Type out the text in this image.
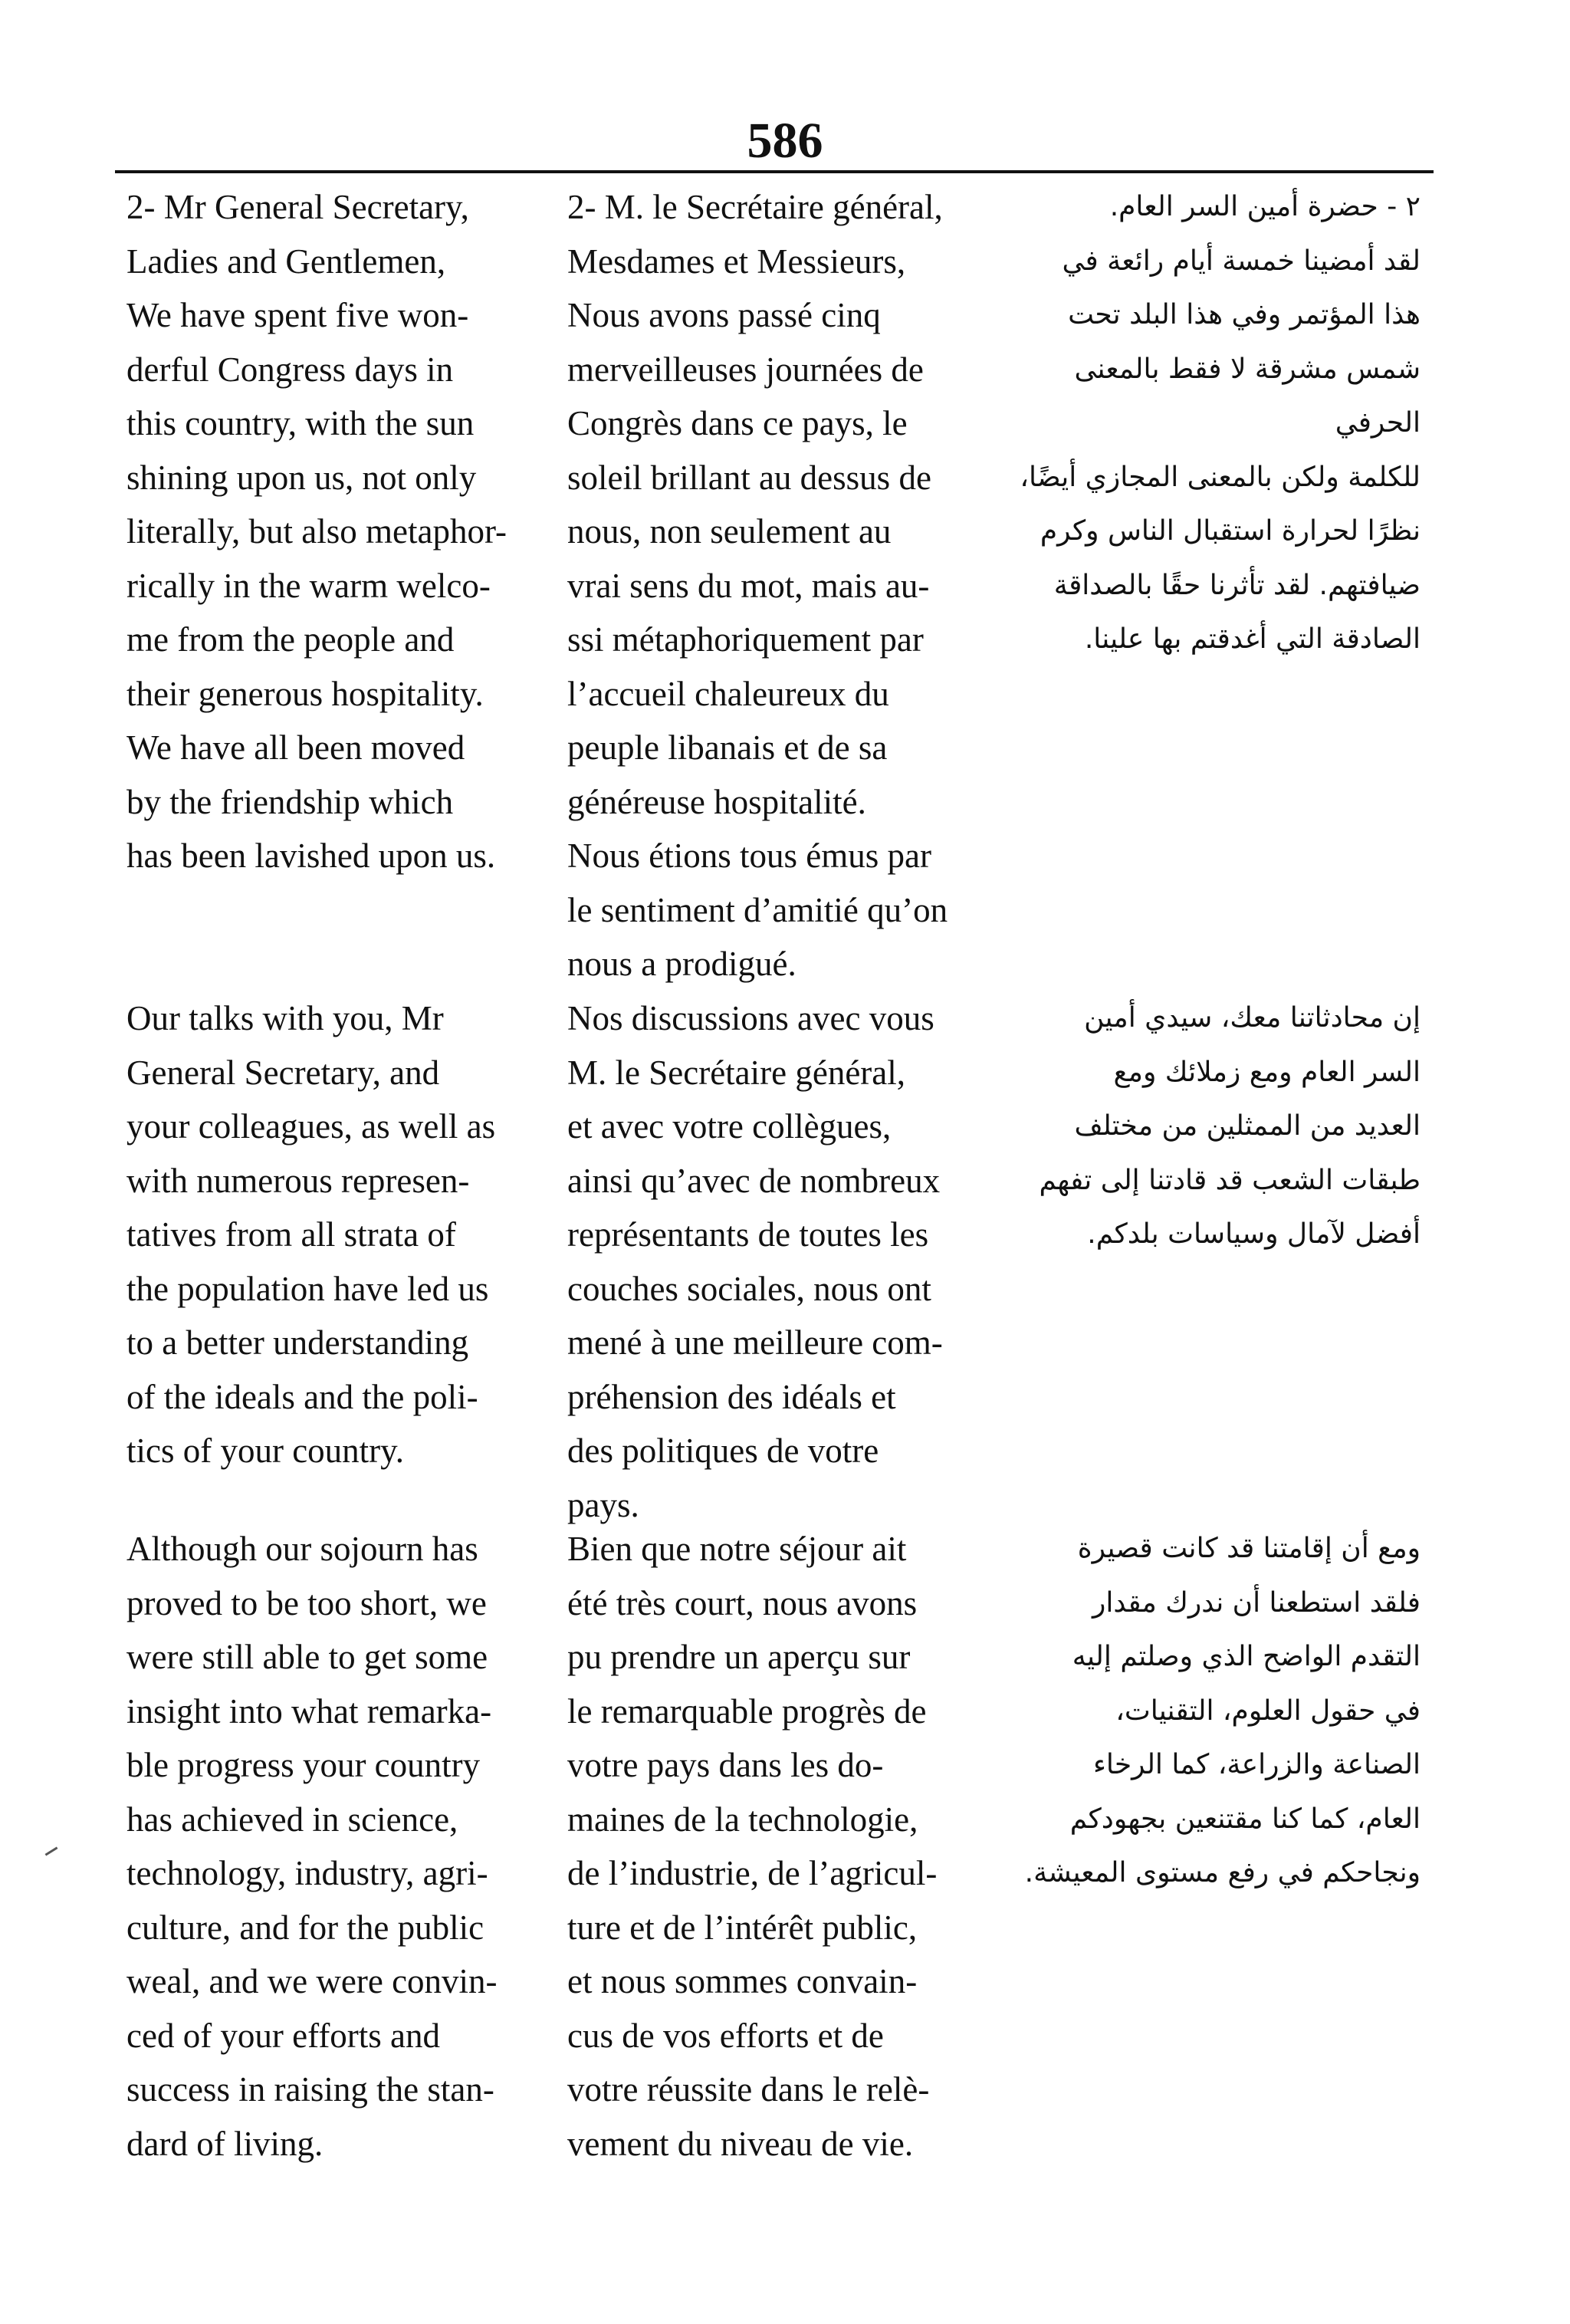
586

2- Mr General Secretary,
Ladies and Gentlemen,
We have spent five won-
derful Congress days in
this country, with the sun
shining upon us, not only
literally, but also metaphor-
rically in the warm welco-
me from the people and
their generous hospitality.
We have all been moved
by the friendship which
has been lavished upon us.

Our talks with you, Mr
General Secretary, and
your colleagues, as well as
with numerous represen-
tatives from all strata of
the population have led us
to a better understanding
of the ideals and the poli-
tics of your country.

Although our sojourn has
proved to be too short, we
were still able to get some
insight into what remarka-
ble progress your country
has achieved in science,
technology, industry, agri-
culture, and for the public
weal, and we were convin-
ced of your efforts and
success in raising the stan-
dard of living.

2- M. le Secrétaire général,
Mesdames et Messieurs,
Nous avons passé cinq
merveilleuses journées de
Congrès dans ce pays, le
soleil brillant au dessus de
nous, non seulement au
vrai sens du mot, mais au-
ssi métaphoriquement par
l’accueil chaleureux du
peuple libanais et de sa
généreuse hospitalité.
Nous étions tous émus par
le sentiment d’amitié qu’on
nous a prodigué.

Nos discussions avec vous
M. le Secrétaire général,
et avec votre collègues,
ainsi qu’avec de nombreux
représentants de toutes les
couches sociales, nous ont
mené à une meilleure com-
préhension des idéals et
des politiques de votre
pays.

Bien que notre séjour ait
été très court, nous avons
pu prendre un aperçu sur
le remarquable progrès de
votre pays dans les do-
maines de la technologie,
de l’industrie, de l’agricul-
ture et de l’intérêt public,
et nous sommes convain-
cus de vos efforts et de
votre réussite dans le relè-
vement du niveau de vie.

٢ - حضرة أمين السر العام.
لقد أمضينا خمسة أيام رائعة في
هذا المؤتمر وفي هذا البلد تحت
شمس مشرقة لا فقط بالمعنى الحرفي
للكلمة ولكن بالمعنى المجازي أيضًا،
نظرًا لحرارة استقبال الناس وكرم
ضيافتهم. لقد تأثرنا حقًا بالصداقة
الصادقة التي أغدقتم بها علينا.

إن محادثاتنا معك، سيدي أمين
السر العام ومع زملائك ومع
العديد من الممثلين من مختلف
طبقات الشعب قد قادتنا إلى تفهم
أفضل لآمال وسياسات بلدكم.

ومع أن إقامتنا قد كانت قصيرة
فلقد استطعنا أن ندرك مقدار
التقدم الواضح الذي وصلتم إليه
في حقول العلوم، التقنيات،
الصناعة والزراعة، كما الرخاء
العام، كما كنا مقتنعين بجهودكم
ونجاحكم في رفع مستوى المعيشة.
